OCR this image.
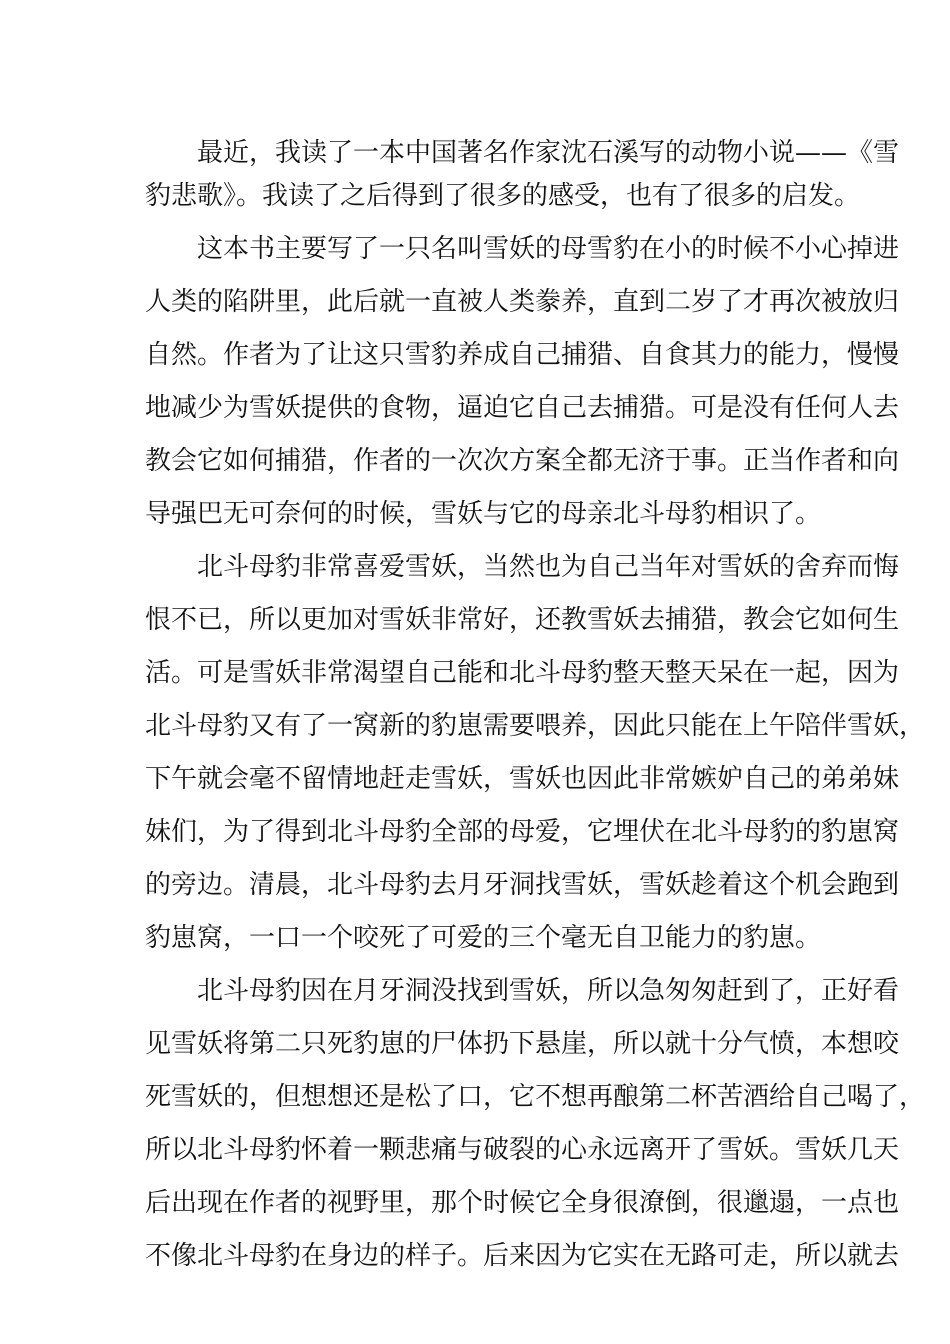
　　最近，我读了一本中国著名作家沈石溪写的动物小说——《雪
豹悲歌》。我读了之后得到了很多的感受，也有了很多的启发。
　　这本书主要写了一只名叫雪妖的母雪豹在小的时候不小心掉进
人类的陷阱里，此后就一直被人类豢养，直到二岁了才再次被放归
自然。作者为了让这只雪豹养成自己捕猎、自食其力的能力，慢慢
地减少为雪妖提供的食物，逼迫它自己去捕猎。可是没有任何人去
教会它如何捕猎，作者的一次次方案全都无济于事。正当作者和向
导强巴无可奈何的时候，雪妖与它的母亲北斗母豹相识了。
　　北斗母豹非常喜爱雪妖，当然也为自己当年对雪妖的舍弃而悔
恨不已，所以更加对雪妖非常好，还教雪妖去捕猎，教会它如何生
活。可是雪妖非常渴望自己能和北斗母豹整天整天呆在一起，因为
北斗母豹又有了一窝新的豹崽需要喂养，因此只能在上午陪伴雪妖，
下午就会毫不留情地赶走雪妖，雪妖也因此非常嫉妒自己的弟弟妹
妹们，为了得到北斗母豹全部的母爱，它埋伏在北斗母豹的豹崽窝
的旁边。清晨，北斗母豹去月牙洞找雪妖，雪妖趁着这个机会跑到
豹崽窝，一口一个咬死了可爱的三个毫无自卫能力的豹崽。
　　北斗母豹因在月牙洞没找到雪妖，所以急匆匆赶到了，正好看
见雪妖将第二只死豹崽的尸体扔下悬崖，所以就十分气愤，本想咬
死雪妖的，但想想还是松了口，它不想再酿第二杯苦酒给自己喝了，
所以北斗母豹怀着一颗悲痛与破裂的心永远离开了雪妖。雪妖几天
后出现在作者的视野里，那个时候它全身很潦倒，很邋遢，一点也
不像北斗母豹在身边的样子。后来因为它实在无路可走，所以就去
